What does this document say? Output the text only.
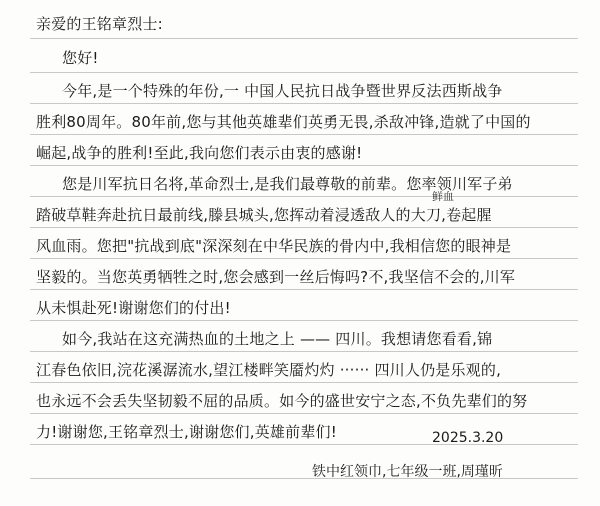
亲爱的王铭章烈士:
您好!
今年,是一个特殊的年份,一 中国人民抗日战争暨世界反法西斯战争
胜利80周年。80年前,您与其他英雄辈们英勇无畏,杀敌冲锋,造就了中国的
崛起,战争的胜利!至此,我向您们表示由衷的感谢!
您是川军抗日名将,革命烈士,是我们最尊敬的前辈。您率领川军子弟
鲜血
踏破草鞋奔赴抗日最前线,滕县城头,您挥动着浸透敌人的大刀,卷起腥
风血雨。您把"抗战到底"深深刻在中华民族的骨内中,我相信您的眼神是
坚毅的。当您英勇牺牲之时,您会感到一丝后悔吗?不,我坚信不会的,川军
从未惧赴死!谢谢您们的付出!
如今,我站在这充满热血的土地之上 —— 四川。我想请您看看,锦
江春色依旧,浣花溪潺流水,望江楼畔笑靥灼灼 ······ 四川人仍是乐观的,
也永远不会丢失坚韧毅不屈的品质。如今的盛世安宁之态,不负先辈们的努
力!谢谢您,王铭章烈士,谢谢您们,英雄前辈们!	2025.3.20
铁中红领巾,七年级一班,周瑾昕
